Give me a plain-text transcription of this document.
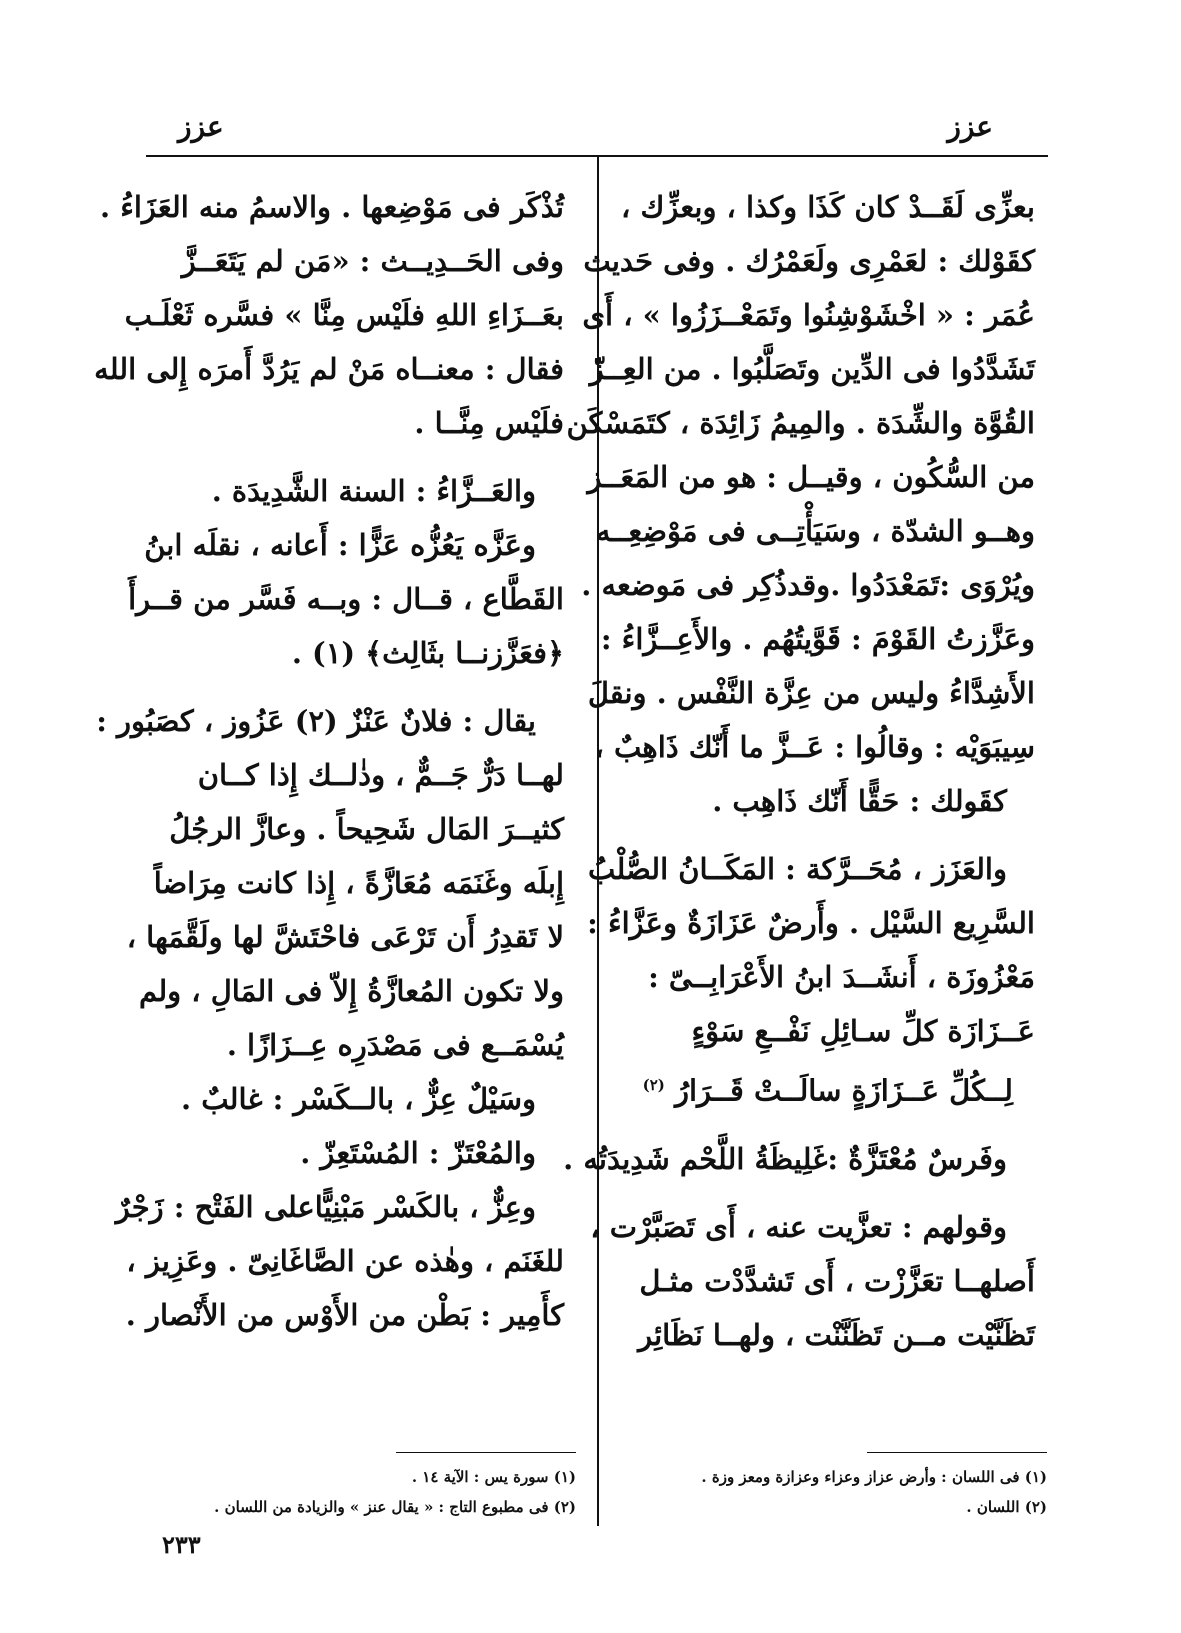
عزز	عزز
بعزِّى لَقَــدْ كان كَذَا وكذا ، وبعزِّك ،
كقَوْلك : لعَمْرِى ولَعَمْرُك . وفى حَديث
عُمَر : « اخْشَوْشِنُوا وتَمَعْــزَزُوا » ، أَى
تَشَدَّدُوا فى الدِّين وتَصَلَّبُوا . من العِــزّ
القُوَّة والشِّدَة . والمِيمُ زَائِدَة ، كتَمَسْكَن
من السُّكُون ، وقيــل : هو من المَعَــز
وهــو الشدّة ، وسَيَأْتِــى فى مَوْضِعِــه
ويُرْوَى :تَمَعْدَدُوا .وقدذُكِر فى مَوضعه .
وعَزَّزتُ القَوْمَ : قَوَّيتُهُم . والأَعِــزَّاءُ :
الأَشِدَّاءُ وليس من عِزَّة النَّفْس . ونقلَ
سِيبَوَيْه : وقالُوا : عَــزَّ ما أَنّك ذَاهِبٌ ،
كقَولك : حَقًّا أَنّك ذَاهِب .
والعَزَز ، مُحَــرَّكة : المَكَــانُ الصُّلْبُ
السَّرِيع السَّيْل . وأَرضٌ عَزَازَةٌ وعَزَّاءُ :
مَعْزُوزَة ، أَنشَــدَ ابنُ الأَعْرَابِــىّ :
عَــزَازَة كلِّ سـائِلِ نَفْــعِ سَوْءٍ
لِــكُلِّ عَــزَازَةٍ سالَــتْ قَــرَارُ $^{(٢)}$
وفَرسٌ مُعْتَزَّةٌ :غَلِيظَةُ اللَّحْم شَدِيدَتُه .
وقولهم : تعزَّيت عنه ، أَى تَصَبَّرْت ،
أَصلهــا تعَزَّزْت ، أَى تَشدَّدْت مثـل
تَظَنَّيْت مــن تَظَنَّنْت ، ولهــا نَظَائِر
تُذْكَر فى مَوْضِعها . والاسمُ منه العَزَاءُ .
وفى الحَــدِيــث : «مَن لم يَتَعَــزَّ
بعَــزَاءِ اللهِ فلَيْس مِنَّا » فسَّره ثَعْلَـب
فقال : معنــاه مَنْ لم يَرُدَّ أَمرَه إِلى الله
فلَيْس مِنَّــا .
والعَــزَّاءُ : السنة الشَّدِيدَة .
وعَزَّه يَعُزُّه عَزًّا : أَعانه ، نقلَه ابنُ
القَطَّاع ، قــال : وبــه فَسَّر من قــرأَ
﴿فعَزَّزنــا بثَالِث﴾ (١) .
يقال : فلانٌ عَنْزٌ (٢) عَزُوز ، كصَبُور :
لهــا دَرٌّ جَــمٌّ ، وذٰلــك إِذا كــان
كثيــرَ المَال شَحِيحاً . وعازَّ الرجُلُ
إِبلَه وغَنَمَه مُعَازَّةً ، إِذا كانت مِرَاضاً
لا تَقدِرُ أَن تَرْعَى فاحْتَشَّ لها ولَقَّمَها ،
ولا تكون المُعازَّةُ إِلاّ فى المَالِ ، ولم
يُسْمَــع فى مَصْدَرِه عِــزَازًا .
وسَيْلٌ عِزٌّ ، بالــكَسْر : غالبٌ .
والمُعْتَزّ : المُسْتَعِزّ .
وعِزٌّ ، بالكَسْر مَبْنِيًّاعلى الفَتْح : زَجْرٌ
للغَنَم ، وهٰذه عن الصَّاغَانِىّ . وعَزِيز ،
كأَمِير : بَطْن من الأَوْس من الأَنْصار .
(١) فى اللسان : وأرض عزاز وعزاء وعزازة ومعز وزة .
(٢) اللسان .
(١) سورة يس : الآية ١٤ .
(٢) فى مطبوع التاج : « يقال عنز » والزيادة من اللسان .
٢٣٣
